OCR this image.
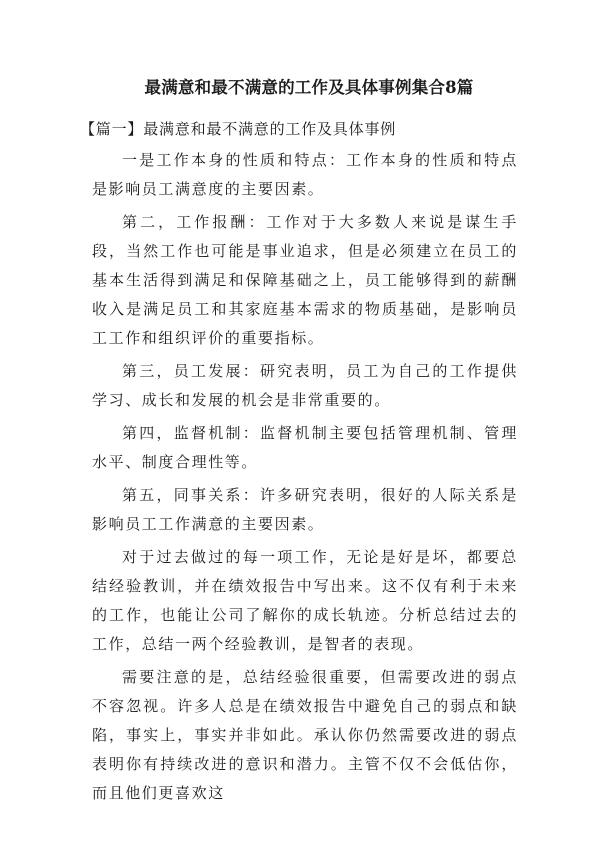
最满意和最不满意的工作及具体事例集合8篇
【篇一】最满意和最不满意的工作及具体事例

一是工作本身的性质和特点：工作本身的性质和特点是影响员工满意度的主要因素。

第二，工作报酬：工作对于大多数人来说是谋生手段，当然工作也可能是事业追求，但是必须建立在员工的基本生活得到满足和保障基础之上，员工能够得到的薪酬收入是满足员工和其家庭基本需求的物质基础，是影响员工工作和组织评价的重要指标。

第三，员工发展：研究表明，员工为自己的工作提供学习、成长和发展的机会是非常重要的。

第四，监督机制：监督机制主要包括管理机制、管理水平、制度合理性等。

第五，同事关系：许多研究表明，很好的人际关系是影响员工工作满意的主要因素。

对于过去做过的每一项工作，无论是好是坏，都要总结经验教训，并在绩效报告中写出来。这不仅有利于未来的工作，也能让公司了解你的成长轨迹。分析总结过去的工作，总结一两个经验教训，是智者的表现。

需要注意的是，总结经验很重要，但需要改进的弱点不容忽视。许多人总是在绩效报告中避免自己的弱点和缺陷，事实上，事实并非如此。承认你仍然需要改进的弱点表明你有持续改进的意识和潜力。主管不仅不会低估你，而且他们更喜欢这
